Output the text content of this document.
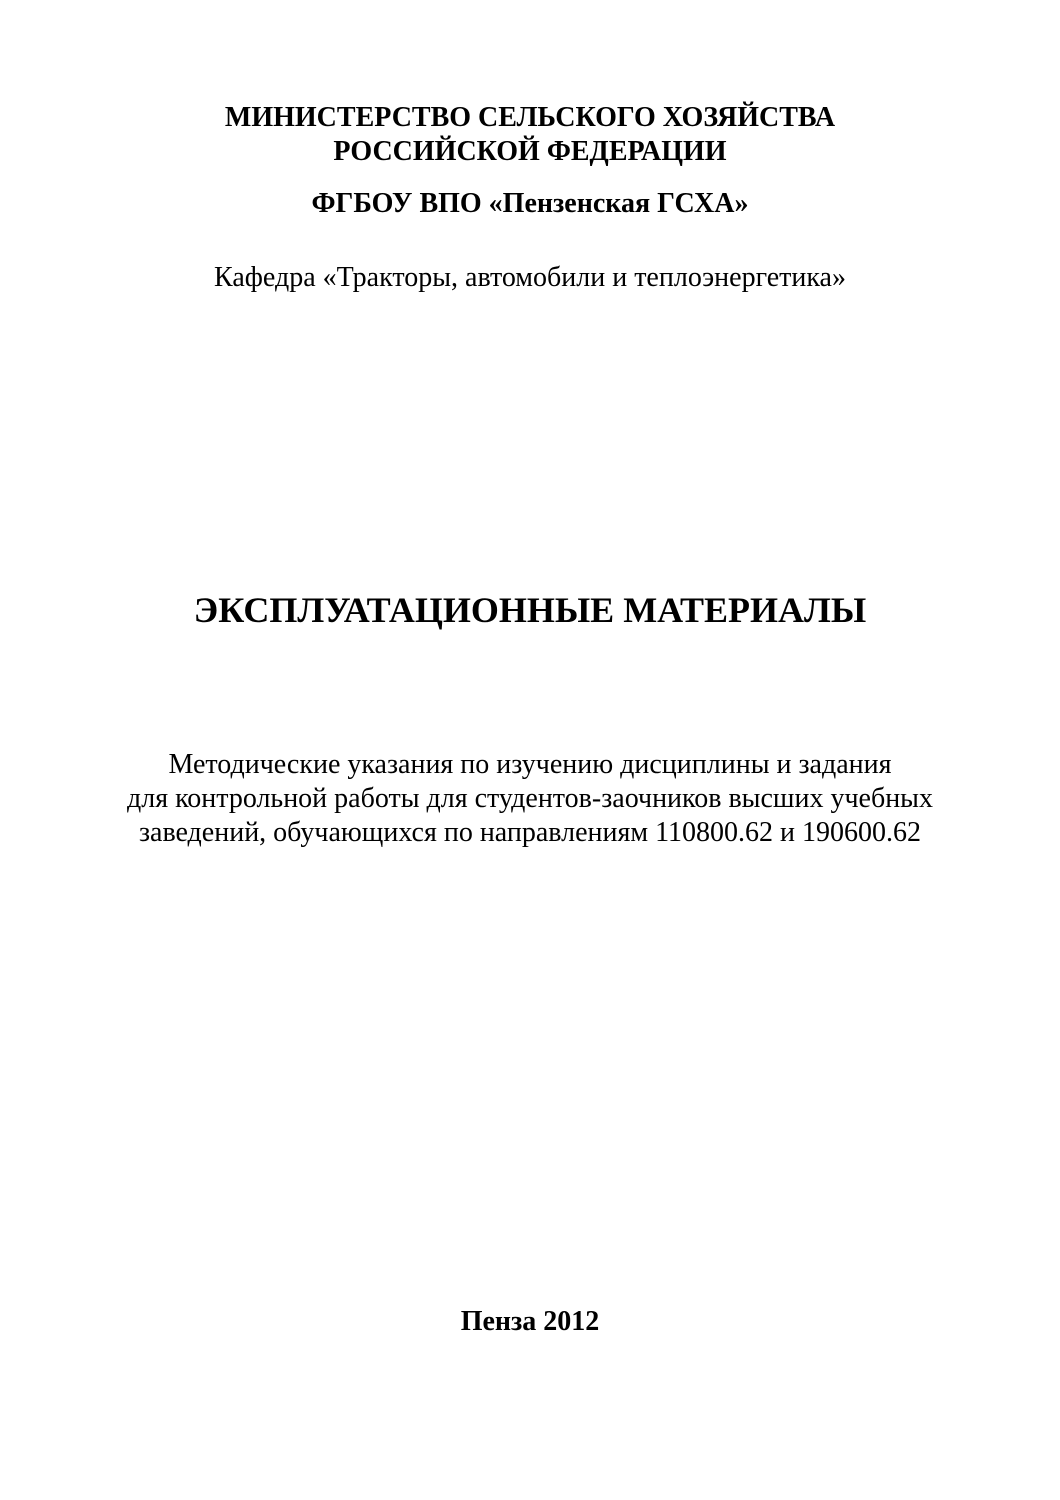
МИНИСТЕРСТВО СЕЛЬСКОГО ХОЗЯЙСТВА
РОССИЙСКОЙ ФЕДЕРАЦИИ
ФГБОУ ВПО «Пензенская ГСХА»
Кафедра «Тракторы, автомобили и теплоэнергетика»
ЭКСПЛУАТАЦИОННЫЕ МАТЕРИАЛЫ
Методические указания по изучению дисциплины и задания
для контрольной работы для студентов-заочников высших учебных
заведений, обучающихся по направлениям 110800.62 и 190600.62
Пенза 2012
